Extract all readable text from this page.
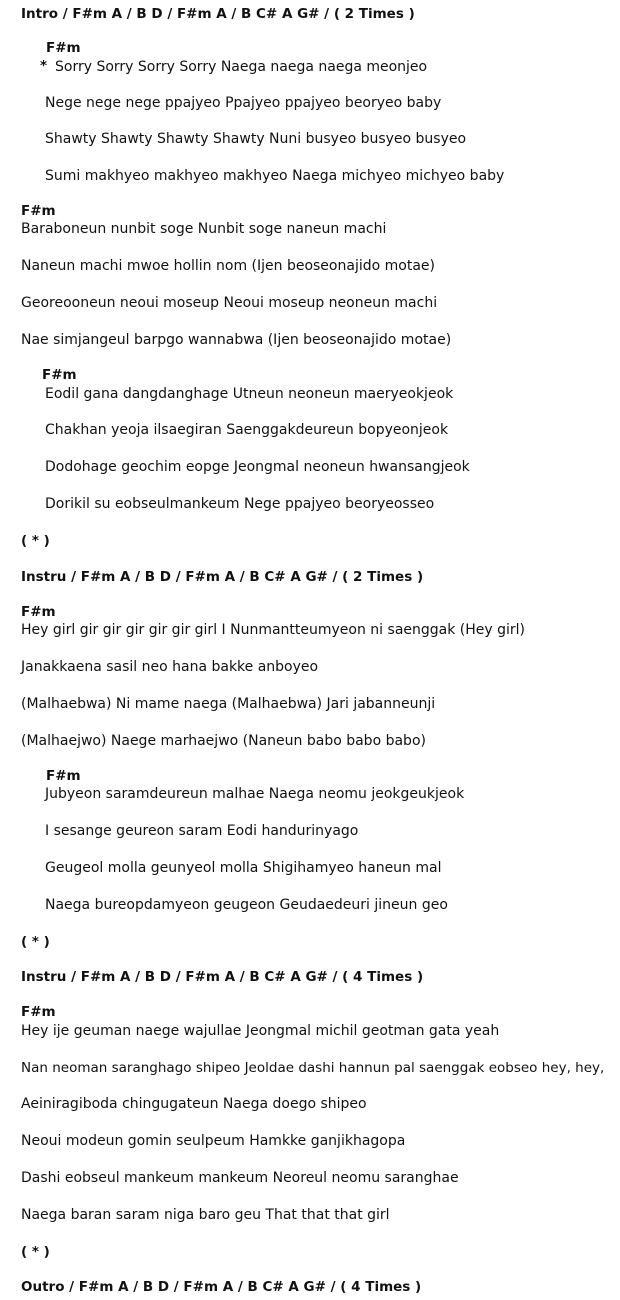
Intro / F#m A / B D / F#m A / B C# A G# / ( 2 Times )
F#m
* Sorry Sorry Sorry Sorry Naega naega naega meonjeo
Nege nege nege ppajyeo Ppajyeo ppajyeo beoryeo baby
Shawty Shawty Shawty Shawty Nuni busyeo busyeo busyeo
Sumi makhyeo makhyeo makhyeo Naega michyeo michyeo baby
F#m
Baraboneun nunbit soge Nunbit soge naneun machi
Naneun machi mwoe hollin nom (Ijen beoseonajido motae)
Georeooneun neoui moseup Neoui moseup neoneun machi
Nae simjangeul barpgo wannabwa (Ijen beoseonajido motae)
F#m
Eodil gana dangdanghage Utneun neoneun maeryeokjeok
Chakhan yeoja ilsaegiran Saenggakdeureun bopyeonjeok
Dodohage geochim eopge Jeongmal neoneun hwansangjeok
Dorikil su eobseulmankeum Nege ppajyeo beoryeosseo
( * )
Instru / F#m A / B D / F#m A / B C# A G# / ( 2 Times )
F#m
Hey girl gir gir gir gir gir girl I Nunmantteumyeon ni saenggak (Hey girl)
Janakkaena sasil neo hana bakke anboyeo
(Malhaebwa) Ni mame naega (Malhaebwa) Jari jabanneunji
(Malhaejwo) Naege marhaejwo (Naneun babo babo babo)
F#m
Jubyeon saramdeureun malhae Naega neomu jeokgeukjeok
I sesange geureon saram Eodi handurinyago
Geugeol molla geunyeol molla Shigihamyeo haneun mal
Naega bureopdamyeon geugeon Geudaedeuri jineun geo
( * )
Instru / F#m A / B D / F#m A / B C# A G# / ( 4 Times )
F#m
Hey ije geuman naege wajullae Jeongmal michil geotman gata yeah
Nan neoman saranghago shipeo Jeoldae dashi hannun pal saenggak eobseo hey, hey,
Aeiniragiboda chingugateun Naega doego shipeo
Neoui modeun gomin seulpeum Hamkke ganjikhagopa
Dashi eobseul mankeum mankeum Neoreul neomu saranghae
Naega baran saram niga baro geu That that that girl
( * )
Outro / F#m A / B D / F#m A / B C# A G# / ( 4 Times )
